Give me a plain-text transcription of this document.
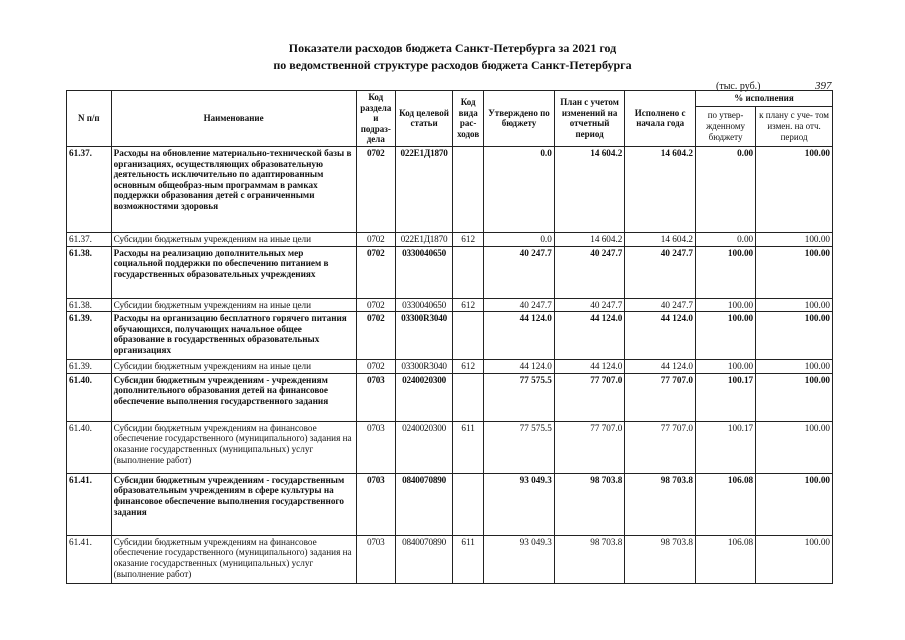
Показатели расходов бюджета Санкт-Петербурга за 2021 год
по ведомственной структуре расходов бюджета Санкт-Петербурга
(тыс. руб.)	397
N п/п	Наименование	Код раздела и подраз- дела	Код целевой статьи	Код вида рас- ходов	Утверждено по бюджету	План с учетом изменений на отчетный период	Исполнено с начала года	% исполнения	
								по утвер- жденному бюджету	к плану с уче- том измен. на отч. период
61.37.	Расходы на обновление материально-технической базы в организациях, осуществляющих образовательную деятельность исключительно по адаптированным основным общеобраз-ным программам в рамках поддержки образования детей с ограниченными возможностями здоровья	0702	022Е1Д1870		0.0	14 604.2	14 604.2	0.00	100.00
61.37.	Субсидии бюджетным учреждениям на иные цели	0702	022Е1Д1870	612	0.0	14 604.2	14 604.2	0.00	100.00
61.38.	Расходы на реализацию дополнительных мер социальной поддержки по обеспечению питанием в государственных образовательных учреждениях	0702	0330040650		40 247.7	40 247.7	40 247.7	100.00	100.00
61.38.	Субсидии бюджетным учреждениям на иные цели	0702	0330040650	612	40 247.7	40 247.7	40 247.7	100.00	100.00
61.39.	Расходы на организацию бесплатного горячего питания обучающихся, получающих начальное общее образование в государственных образовательных организациях	0702	03300R3040		44 124.0	44 124.0	44 124.0	100.00	100.00
61.39.	Субсидии бюджетным учреждениям на иные цели	0702	03300R3040	612	44 124.0	44 124.0	44 124.0	100.00	100.00
61.40.	Субсидии бюджетным учреждениям - учреждениям дополнительного образования детей на финансовое обеспечение выполнения государственного задания	0703	0240020300		77 575.5	77 707.0	77 707.0	100.17	100.00
61.40.	Субсидии бюджетным учреждениям на финансовое обеспечение государственного (муниципального) задания на оказание государственных (муниципальных) услуг (выполнение работ)	0703	0240020300	611	77 575.5	77 707.0	77 707.0	100.17	100.00
61.41.	Субсидии бюджетным учреждениям - государственным образовательным учреждениям в сфере культуры на финансовое обеспечение выполнения государственного задания	0703	0840070890		93 049.3	98 703.8	98 703.8	106.08	100.00
61.41.	Субсидии бюджетным учреждениям на финансовое обеспечение государственного (муниципального) задания на оказание государственных (муниципальных) услуг (выполнение работ)	0703	0840070890	611	93 049.3	98 703.8	98 703.8	106.08	100.00
